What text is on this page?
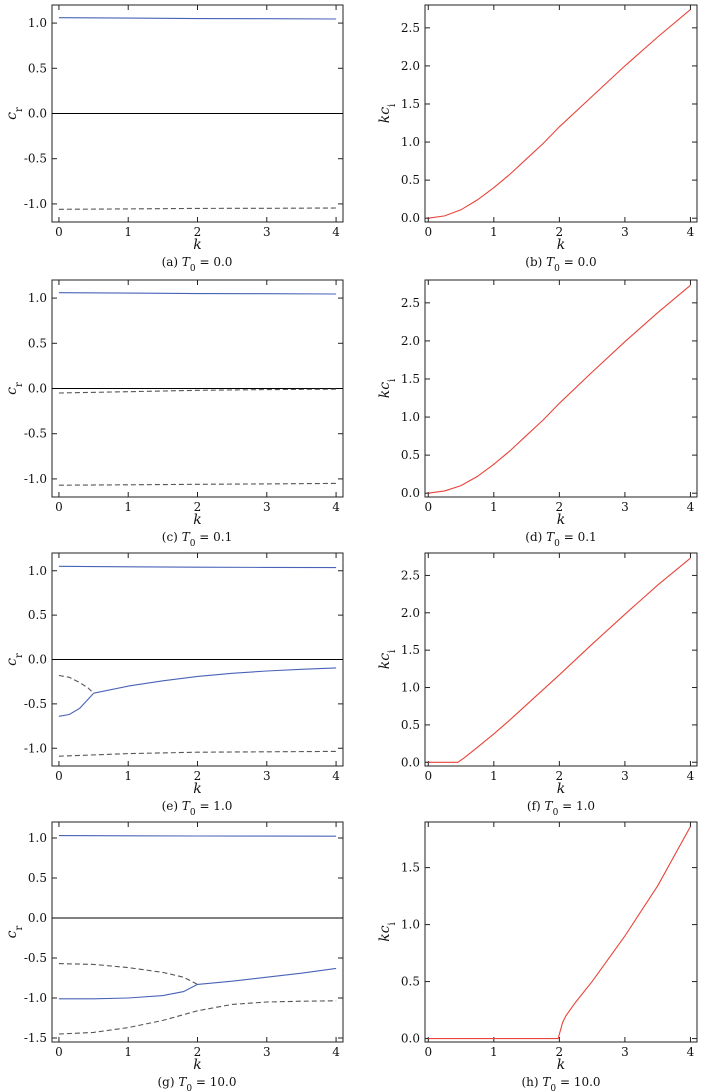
0	1	2	3	4
-1.0
-0.5
0.0
0.5
1.0
k
$c_r$
(a) $T_0 = 0.0$
0	1	2	3	4
0.0
0.5
1.0
1.5
2.0
2.5
k
$kc_i$
(b) $T_0 = 0.0$
0	1	2	3	4
-1.0
-0.5
0.0
0.5
1.0
k
$c_r$
(c) $T_0 = 0.1$
0	1	2	3	4
0.0
0.5
1.0
1.5
2.0
2.5
k
$kc_i$
(d) $T_0 = 0.1$
0	1	2	3	4
-1.0
-0.5
0.0
0.5
1.0
k
$c_r$
(e) $T_0 = 1.0$
0	1	2	3	4
0.0
0.5
1.0
1.5
2.0
2.5
k
$kc_i$
(f) $T_0 = 1.0$
0	1	2	3	4
-1.5
-1.0
-0.5
0.0
0.5
1.0
k
$c_r$
(g) $T_0 = 10.0$
0	1	2	3	4
0.0
0.5
1.0
1.5
k
$kc_i$
(h) $T_0 = 10.0$
